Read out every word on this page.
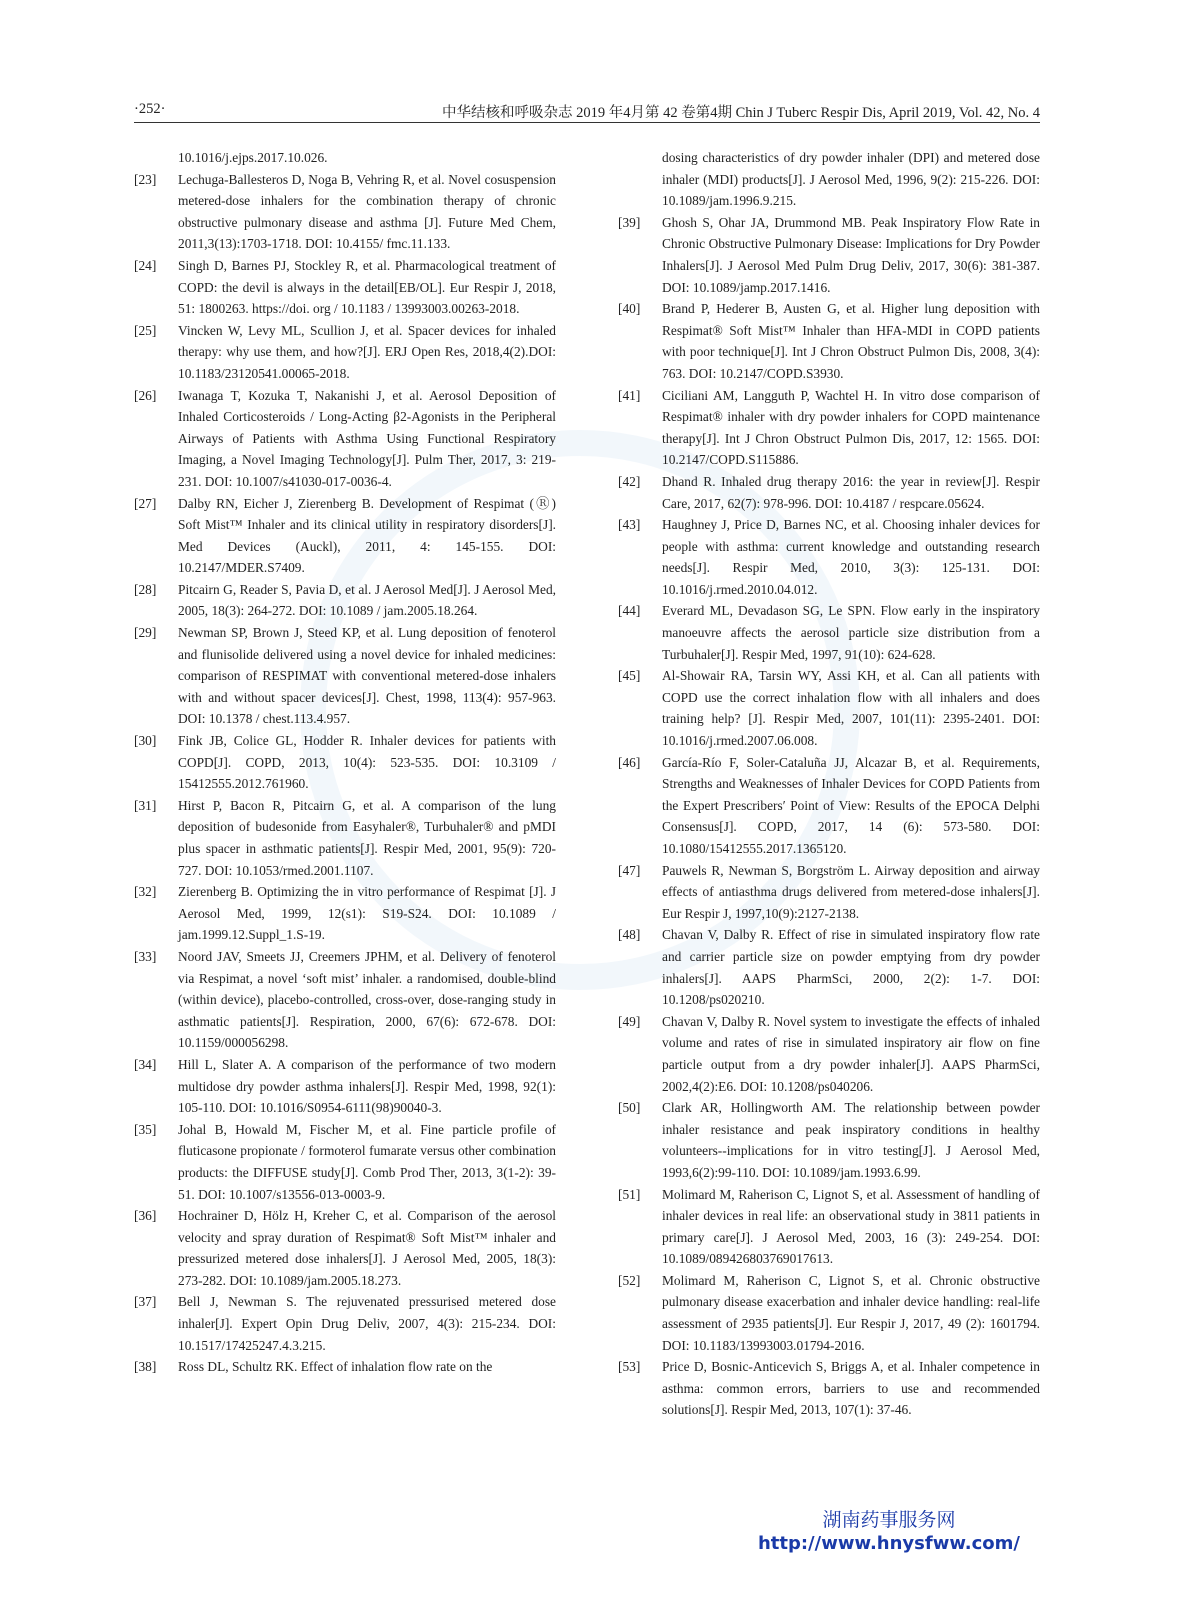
·252·	中华结核和呼吸杂志 2019 年4月第 42 卷第4期 Chin J Tuberc Respir Dis, April 2019, Vol. 42, No. 4
10.1016/j.ejps.2017.10.026.
[23] Lechuga-Ballesteros D, Noga B, Vehring R, et al. Novel cosuspension metered-dose inhalers for the combination therapy of chronic obstructive pulmonary disease and asthma [J]. Future Med Chem, 2011,3(13):1703-1718. DOI: 10.4155/ fmc.11.133.
[24] Singh D, Barnes PJ, Stockley R, et al. Pharmacological treatment of COPD: the devil is always in the detail[EB/OL]. Eur Respir J, 2018, 51: 1800263. https://doi. org / 10.1183 / 13993003.00263-2018.
[25] Vincken W, Levy ML, Scullion J, et al. Spacer devices for inhaled therapy: why use them, and how?[J]. ERJ Open Res, 2018,4(2).DOI: 10.1183/23120541.00065-2018.
[26] Iwanaga T, Kozuka T, Nakanishi J, et al. Aerosol Deposition of Inhaled Corticosteroids / Long-Acting β2-Agonists in the Peripheral Airways of Patients with Asthma Using Functional Respiratory Imaging, a Novel Imaging Technology[J]. Pulm Ther, 2017, 3: 219-231. DOI: 10.1007/s41030-017-0036-4.
[27] Dalby RN, Eicher J, Zierenberg B. Development of Respimat (Ⓡ) Soft Mist™ Inhaler and its clinical utility in respiratory disorders[J]. Med Devices (Auckl), 2011, 4: 145-155. DOI: 10.2147/MDER.S7409.
[28] Pitcairn G, Reader S, Pavia D, et al. J Aerosol Med[J]. J Aerosol Med, 2005, 18(3): 264-272. DOI: 10.1089 / jam.2005.18.264.
[29] Newman SP, Brown J, Steed KP, et al. Lung deposition of fenoterol and flunisolide delivered using a novel device for inhaled medicines: comparison of RESPIMAT with conventional metered-dose inhalers with and without spacer devices[J]. Chest, 1998, 113(4): 957-963. DOI: 10.1378 / chest.113.4.957.
[30] Fink JB, Colice GL, Hodder R. Inhaler devices for patients with COPD[J]. COPD, 2013, 10(4): 523-535. DOI: 10.3109 / 15412555.2012.761960.
[31] Hirst P, Bacon R, Pitcairn G, et al. A comparison of the lung deposition of budesonide from Easyhaler®, Turbuhaler® and pMDI plus spacer in asthmatic patients[J]. Respir Med, 2001, 95(9): 720-727. DOI: 10.1053/rmed.2001.1107.
[32] Zierenberg B. Optimizing the in vitro performance of Respimat [J]. J Aerosol Med, 1999, 12(s1): S19-S24. DOI: 10.1089 / jam.1999.12.Suppl_1.S-19.
[33] Noord JAV, Smeets JJ, Creemers JPHM, et al. Delivery of fenoterol via Respimat, a novel ‘soft mist’ inhaler. a randomised, double-blind (within device), placebo-controlled, cross-over, dose-ranging study in asthmatic patients[J]. Respiration, 2000, 67(6): 672-678. DOI: 10.1159/000056298.
[34] Hill L, Slater A. A comparison of the performance of two modern multidose dry powder asthma inhalers[J]. Respir Med, 1998, 92(1): 105-110. DOI: 10.1016/S0954-6111(98)90040-3.
[35] Johal B, Howald M, Fischer M, et al. Fine particle profile of fluticasone propionate / formoterol fumarate versus other combination products: the DIFFUSE study[J]. Comb Prod Ther, 2013, 3(1-2): 39-51. DOI: 10.1007/s13556-013-0003-9.
[36] Hochrainer D, Hölz H, Kreher C, et al. Comparison of the aerosol velocity and spray duration of Respimat® Soft Mist™ inhaler and pressurized metered dose inhalers[J]. J Aerosol Med, 2005, 18(3): 273-282. DOI: 10.1089/jam.2005.18.273.
[37] Bell J, Newman S. The rejuvenated pressurised metered dose inhaler[J]. Expert Opin Drug Deliv, 2007, 4(3): 215-234. DOI: 10.1517/17425247.4.3.215.
[38] Ross DL, Schultz RK. Effect of inhalation flow rate on the
dosing characteristics of dry powder inhaler (DPI) and metered dose inhaler (MDI) products[J]. J Aerosol Med, 1996, 9(2): 215-226. DOI: 10.1089/jam.1996.9.215.
[39] Ghosh S, Ohar JA, Drummond MB. Peak Inspiratory Flow Rate in Chronic Obstructive Pulmonary Disease: Implications for Dry Powder Inhalers[J]. J Aerosol Med Pulm Drug Deliv, 2017, 30(6): 381-387. DOI: 10.1089/jamp.2017.1416.
[40] Brand P, Hederer B, Austen G, et al. Higher lung deposition with Respimat® Soft Mist™ Inhaler than HFA-MDI in COPD patients with poor technique[J]. Int J Chron Obstruct Pulmon Dis, 2008, 3(4): 763. DOI: 10.2147/COPD.S3930.
[41] Ciciliani AM, Langguth P, Wachtel H. In vitro dose comparison of Respimat® inhaler with dry powder inhalers for COPD maintenance therapy[J]. Int J Chron Obstruct Pulmon Dis, 2017, 12: 1565. DOI: 10.2147/COPD.S115886.
[42] Dhand R. Inhaled drug therapy 2016: the year in review[J]. Respir Care, 2017, 62(7): 978-996. DOI: 10.4187 / respcare.05624.
[43] Haughney J, Price D, Barnes NC, et al. Choosing inhaler devices for people with asthma: current knowledge and outstanding research needs[J]. Respir Med, 2010, 3(3): 125-131. DOI: 10.1016/j.rmed.2010.04.012.
[44] Everard ML, Devadason SG, Le SPN. Flow early in the inspiratory manoeuvre affects the aerosol particle size distribution from a Turbuhaler[J]. Respir Med, 1997, 91(10): 624-628.
[45] Al-Showair RA, Tarsin WY, Assi KH, et al. Can all patients with COPD use the correct inhalation flow with all inhalers and does training help? [J]. Respir Med, 2007, 101(11): 2395-2401. DOI: 10.1016/j.rmed.2007.06.008.
[46] García-Río F, Soler-Cataluña JJ, Alcazar B, et al. Requirements, Strengths and Weaknesses of Inhaler Devices for COPD Patients from the Expert Prescribers′ Point of View: Results of the EPOCA Delphi Consensus[J]. COPD, 2017, 14 (6): 573-580. DOI: 10.1080/15412555.2017.1365120.
[47] Pauwels R, Newman S, Borgström L. Airway deposition and airway effects of antiasthma drugs delivered from metered-dose inhalers[J]. Eur Respir J, 1997,10(9):2127-2138.
[48] Chavan V, Dalby R. Effect of rise in simulated inspiratory flow rate and carrier particle size on powder emptying from dry powder inhalers[J]. AAPS PharmSci, 2000, 2(2): 1-7. DOI: 10.1208/ps020210.
[49] Chavan V, Dalby R. Novel system to investigate the effects of inhaled volume and rates of rise in simulated inspiratory air flow on fine particle output from a dry powder inhaler[J]. AAPS PharmSci, 2002,4(2):E6. DOI: 10.1208/ps040206.
[50] Clark AR, Hollingworth AM. The relationship between powder inhaler resistance and peak inspiratory conditions in healthy volunteers--implications for in vitro testing[J]. J Aerosol Med, 1993,6(2):99-110. DOI: 10.1089/jam.1993.6.99.
[51] Molimard M, Raherison C, Lignot S, et al. Assessment of handling of inhaler devices in real life: an observational study in 3811 patients in primary care[J]. J Aerosol Med, 2003, 16 (3): 249-254. DOI: 10.1089/089426803769017613.
[52] Molimard M, Raherison C, Lignot S, et al. Chronic obstructive pulmonary disease exacerbation and inhaler device handling: real-life assessment of 2935 patients[J]. Eur Respir J, 2017, 49 (2): 1601794. DOI: 10.1183/13993003.01794-2016.
[53] Price D, Bosnic-Anticevich S, Briggs A, et al. Inhaler competence in asthma: common errors, barriers to use and recommended solutions[J]. Respir Med, 2013, 107(1): 37-46.
湖南药事服务网
http://www.hnysfww.com/
